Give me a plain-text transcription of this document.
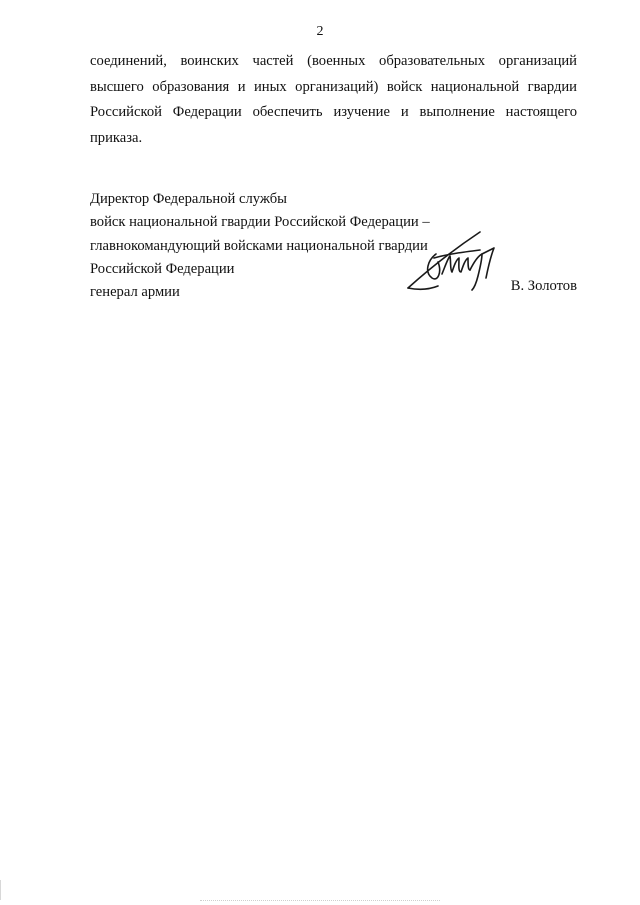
2
соединений, воинских частей (военных образовательных организаций
высшего образования и иных организаций) войск национальной гвардии
Российской Федерации обеспечить изучение и выполнение настоящего
приказа.
Директор Федеральной службы
войск национальной гвардии Российской Федерации –
главнокомандующий войсками национальной гвардии
Российской Федерации
генерал армии	В. Золотов
